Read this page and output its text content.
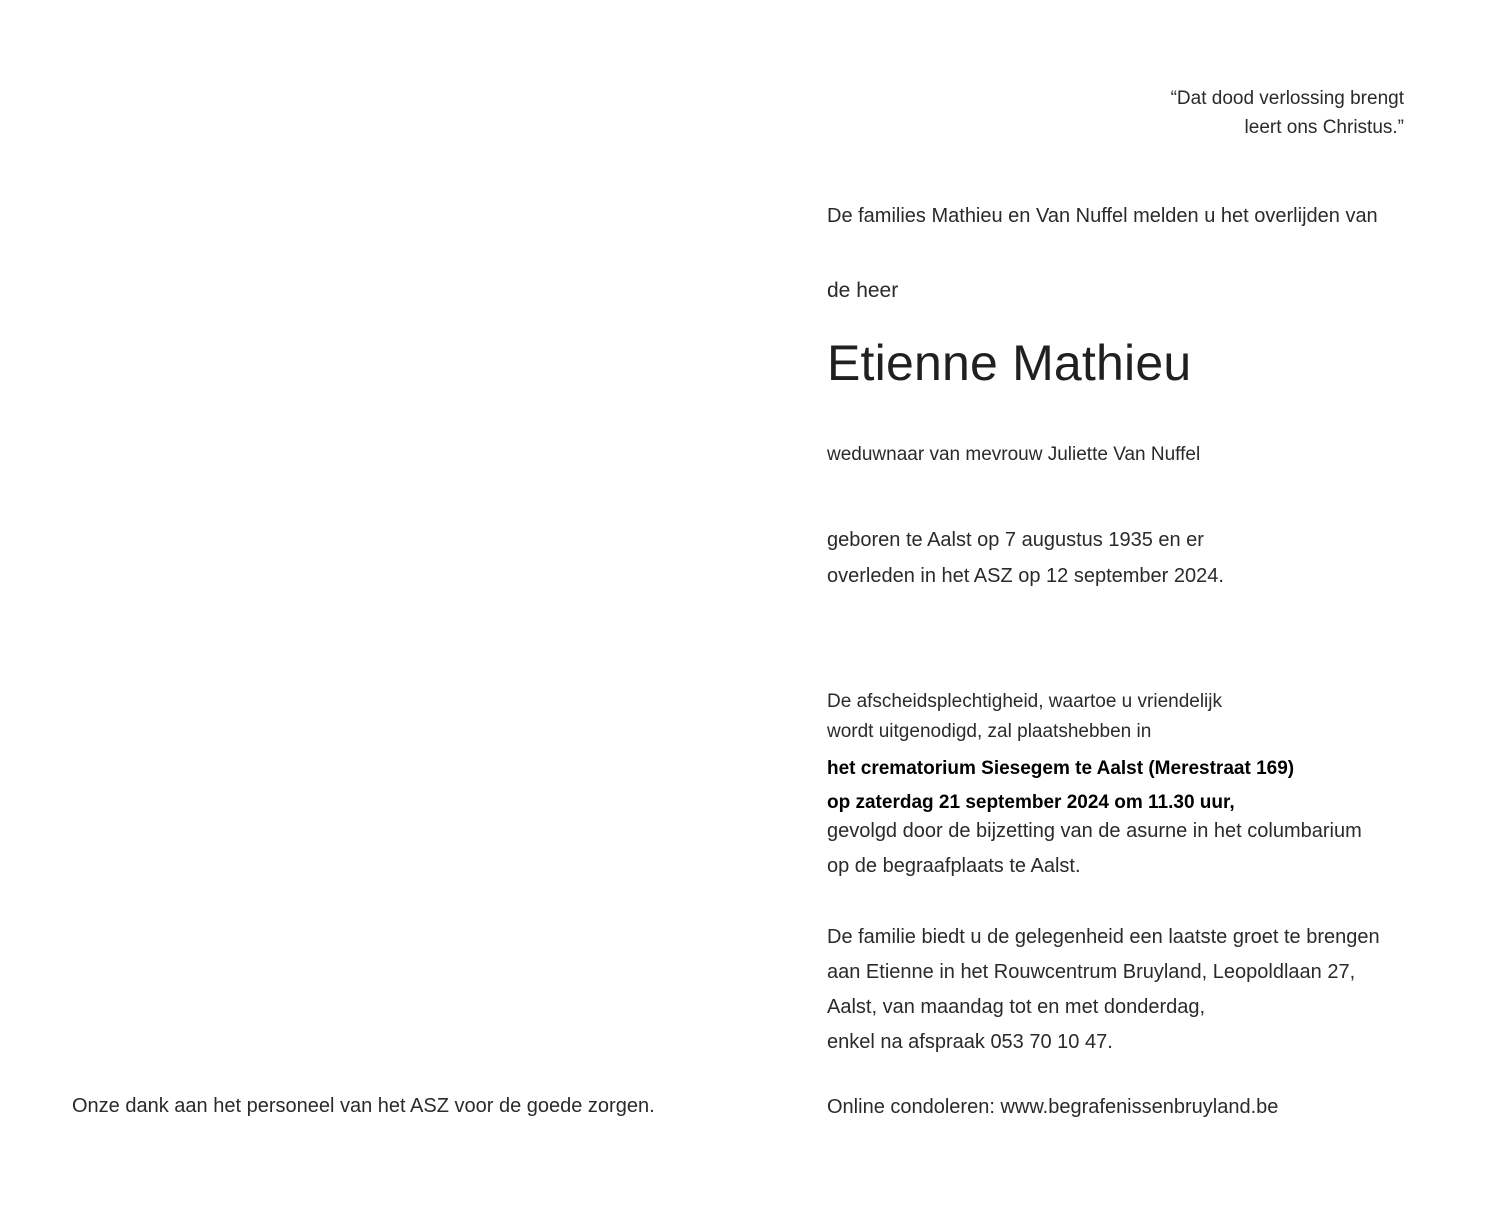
“Dat dood verlossing brengt
leert ons Christus.”
De families Mathieu en Van Nuffel melden u het overlijden van
de heer
Etienne Mathieu
weduwnaar van mevrouw Juliette Van Nuffel
geboren te Aalst op 7 augustus 1935 en er
overleden in het ASZ op 12 september 2024.
De afscheidsplechtigheid, waartoe u vriendelijk
wordt uitgenodigd, zal plaatshebben in
het crematorium Siesegem te Aalst (Merestraat 169)
op zaterdag 21 september 2024 om 11.30 uur,
gevolgd door de bijzetting van de asurne in het columbarium
op de begraafplaats te Aalst.
De familie biedt u de gelegenheid een laatste groet te brengen
aan Etienne in het Rouwcentrum Bruyland, Leopoldlaan 27,
Aalst, van maandag tot en met donderdag,
enkel na afspraak 053 70 10 47.
Online condoleren: www.begrafenissenbruyland.be
Onze dank aan het personeel van het ASZ voor de goede zorgen.
